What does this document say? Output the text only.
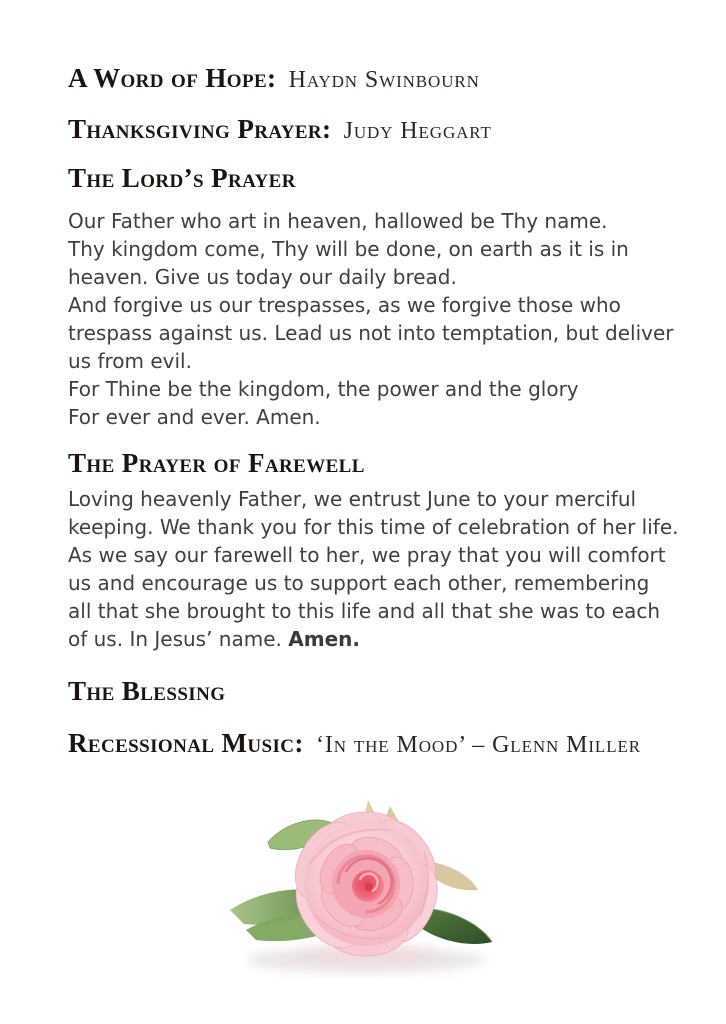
A Word of Hope: Haydn Swinbourn
Thanksgiving Prayer: Judy Heggart
The Lord’s Prayer
Our Father who art in heaven, hallowed be Thy name.
Thy kingdom come, Thy will be done, on earth as it is in
heaven. Give us today our daily bread.
And forgive us our trespasses, as we forgive those who
trespass against us. Lead us not into temptation, but deliver
us from evil.
For Thine be the kingdom, the power and the glory
For ever and ever. Amen.
The Prayer of Farewell
Loving heavenly Father, we entrust June to your merciful
keeping. We thank you for this time of celebration of her life.
As we say our farewell to her, we pray that you will comfort
us and encourage us to support each other, remembering
all that she brought to this life and all that she was to each
of us. In Jesus’ name. Amen.
The Blessing
Recessional Music: ‘In the Mood’ – Glenn Miller
